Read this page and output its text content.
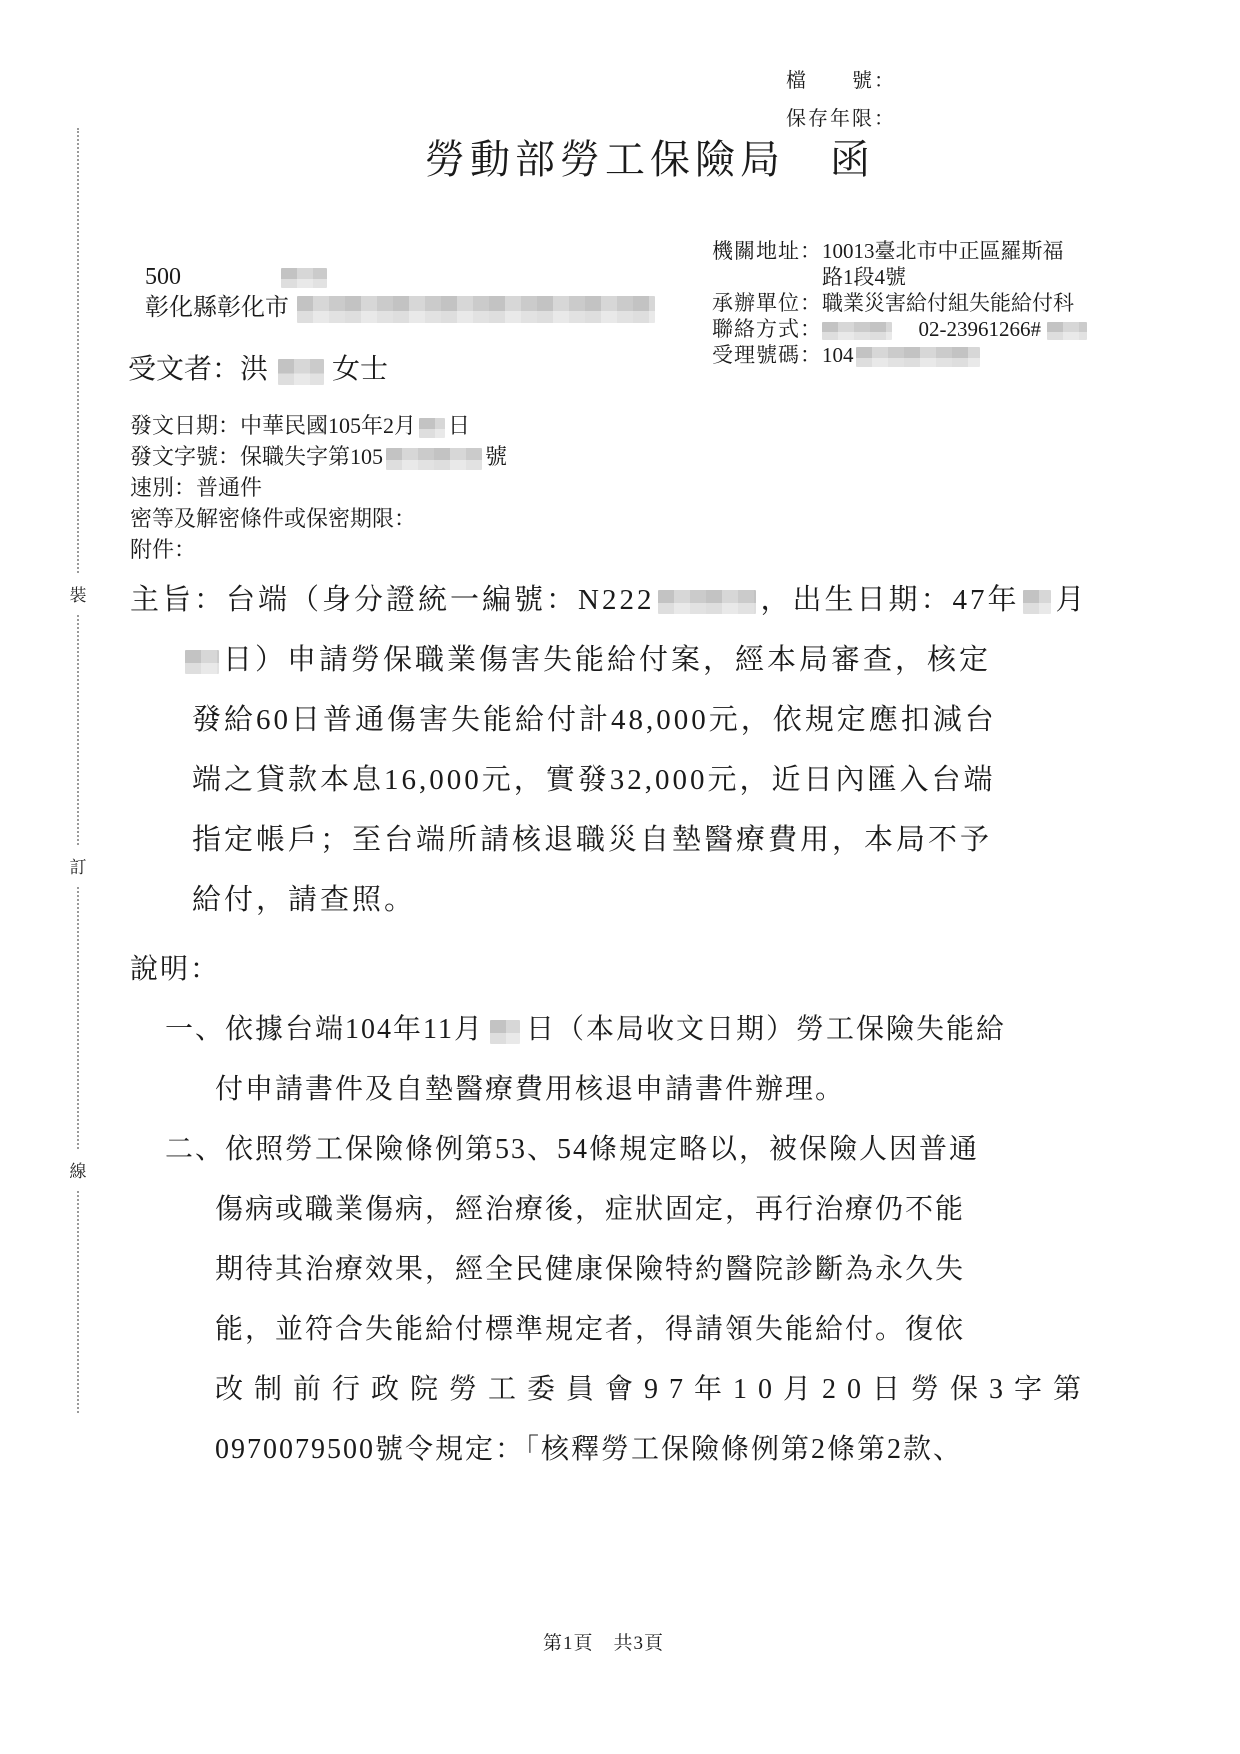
裝
訂
線
檔　　號：
保存年限：
勞動部勞工保險局　函
500
彰化縣彰化市
機關地址： 10013臺北市中正區羅斯福
路1段4號
承辦單位： 職業災害給付組失能給付科
聯絡方式：	02-23961266#
受理號碼： 104
受文者：洪 女士
發文日期：中華民國105年2月 日
發文字號：保職失字第105	號
速別：普通件
密等及解密條件或保密期限：
附件：
主旨：台端（身分證統一編號：N222	，出生日期：47年 月
日）申請勞保職業傷害失能給付案，經本局審查，核定
發給60日普通傷害失能給付計48,000元，依規定應扣減台
端之貸款本息16,000元，實發32,000元，近日內匯入台端
指定帳戶；至台端所請核退職災自墊醫療費用，本局不予
給付，請查照。
說明：
一、依據台端104年11月 日（本局收文日期）勞工保險失能給
付申請書件及自墊醫療費用核退申請書件辦理。
二、依照勞工保險條例第53、54條規定略以，被保險人因普通
傷病或職業傷病，經治療後，症狀固定，再行治療仍不能
期待其治療效果，經全民健康保險特約醫院診斷為永久失
能，並符合失能給付標準規定者，得請領失能給付。復依
改制前行政院勞工委員會97年10月20日勞保3字第
0970079500號令規定：「核釋勞工保險條例第2條第2款、
第1頁　共3頁
